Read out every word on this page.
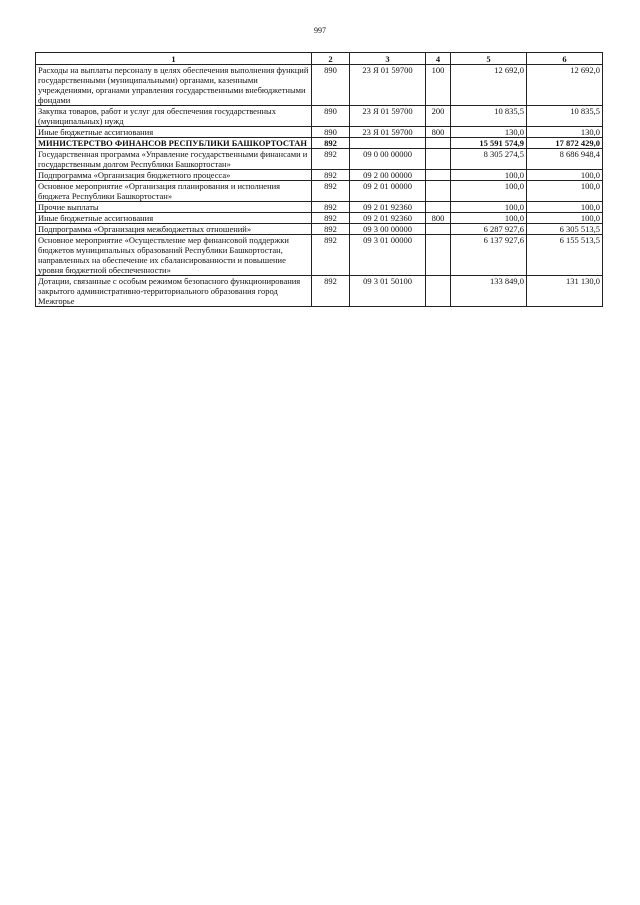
997
1	2	3	4	5	6
Расходы на выплаты персоналу в целях обеспечения выполнения функций государственными (муниципальными) органами, казенными учреждениями, органами управления государственными внебюджетными фондами	890	23 Я 01 59700	100	12 692,0	12 692,0
Закупка товаров, работ и услуг для обеспечения государственных (муниципальных) нужд	890	23 Я 01 59700	200	10 835,5	10 835,5
Иные бюджетные ассигнования	890	23 Я 01 59700	800	130,0	130,0
МИНИСТЕРСТВО ФИНАНСОВ РЕСПУБЛИКИ БАШКОРТОСТАН	892			15 591 574,9	17 872 429,0
Государственная программа «Управление государственными финансами и государственным долгом Республики Башкортостан»	892	09 0 00 00000		8 305 274,5	8 686 948,4
Подпрограмма «Организация бюджетного процесса»	892	09 2 00 00000		100,0	100,0
Основное мероприятие «Организация планирования и исполнения бюджета Республики Башкортостан»	892	09 2 01 00000		100,0	100,0
Прочие выплаты	892	09 2 01 92360		100,0	100,0
Иные бюджетные ассигнования	892	09 2 01 92360	800	100,0	100,0
Подпрограмма «Организация межбюджетных отношений»	892	09 3 00 00000		6 287 927,6	6 305 513,5
Основное мероприятие «Осуществление мер финансовой поддержки бюджетов муниципальных образований Республики Башкортостан, направленных на обеспечение их сбалансированности и повышение уровня бюджетной обеспеченности»	892	09 3 01 00000		6 137 927,6	6 155 513,5
Дотации, связанные с особым режимом безопасного функционирования закрытого административно-территориального образования город Межгорье	892	09 3 01 50100		133 849,0	131 130,0
